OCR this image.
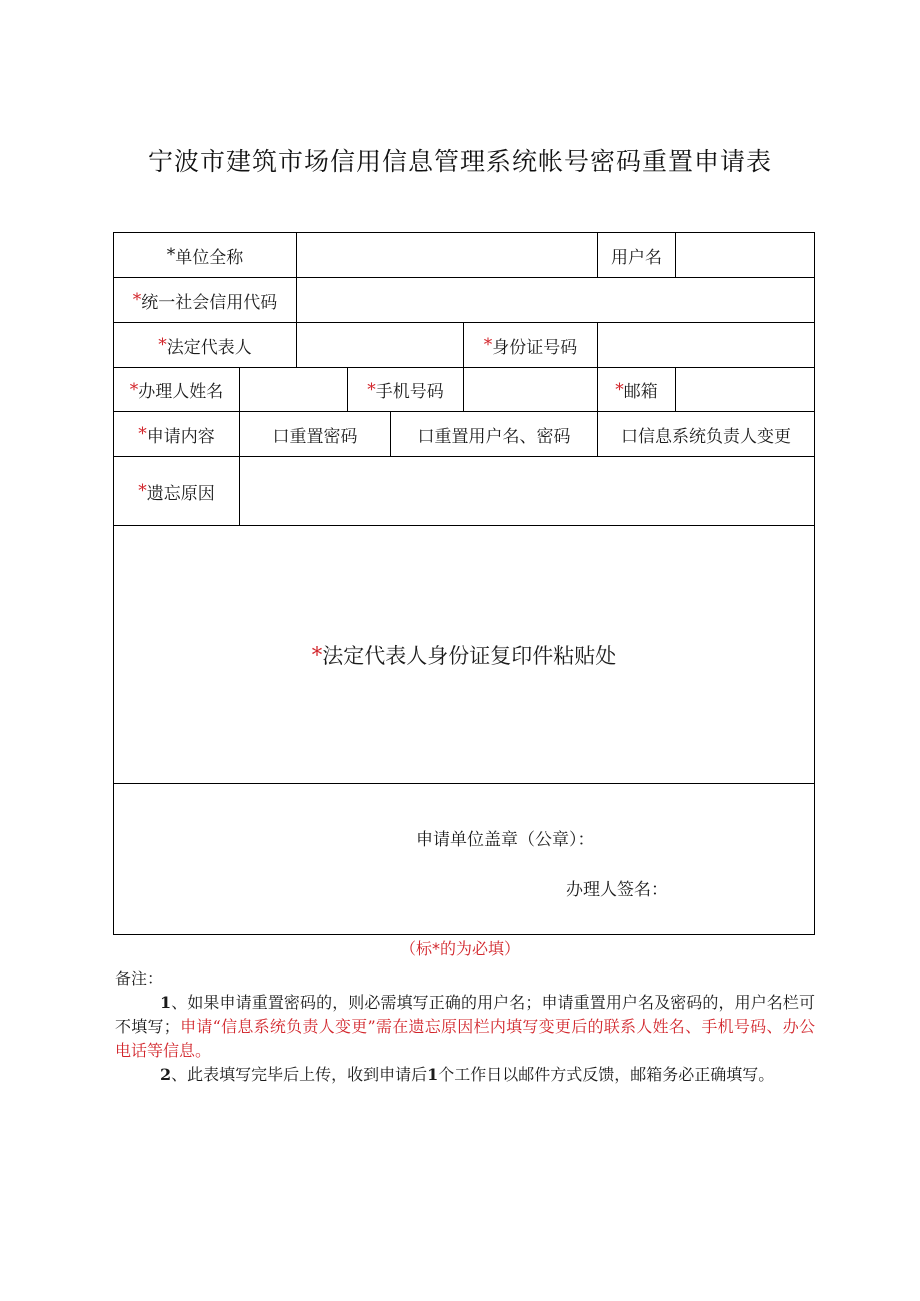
宁波市建筑市场信用信息管理系统帐号密码重置申请表
* 单位全称	用户名
* 统一社会信用代码
* 法定代表人	* 身份证号码
* 办理人姓名	* 手机号码	* 邮箱
* 申请内容	口 重置密码	口 重置用户名、密码	口 信息系统负责人变更
* 遗忘原因
* 法定代表人身份证复印件粘贴处
申请单位盖章（公章）：
办理人签名：
（标*的为必填）

备注：

1、如果申请重置密码的，则必需填写正确的用户名；申请重置用户名及密码的，用户名栏可不填写；申请“信息系统负责人变更”需在遗忘原因栏内填写变更后的联系人姓名、手机号码、办公电话等信息。

2、此表填写完毕后上传，收到申请后1个工作日以邮件方式反馈，邮箱务必正确填写。
